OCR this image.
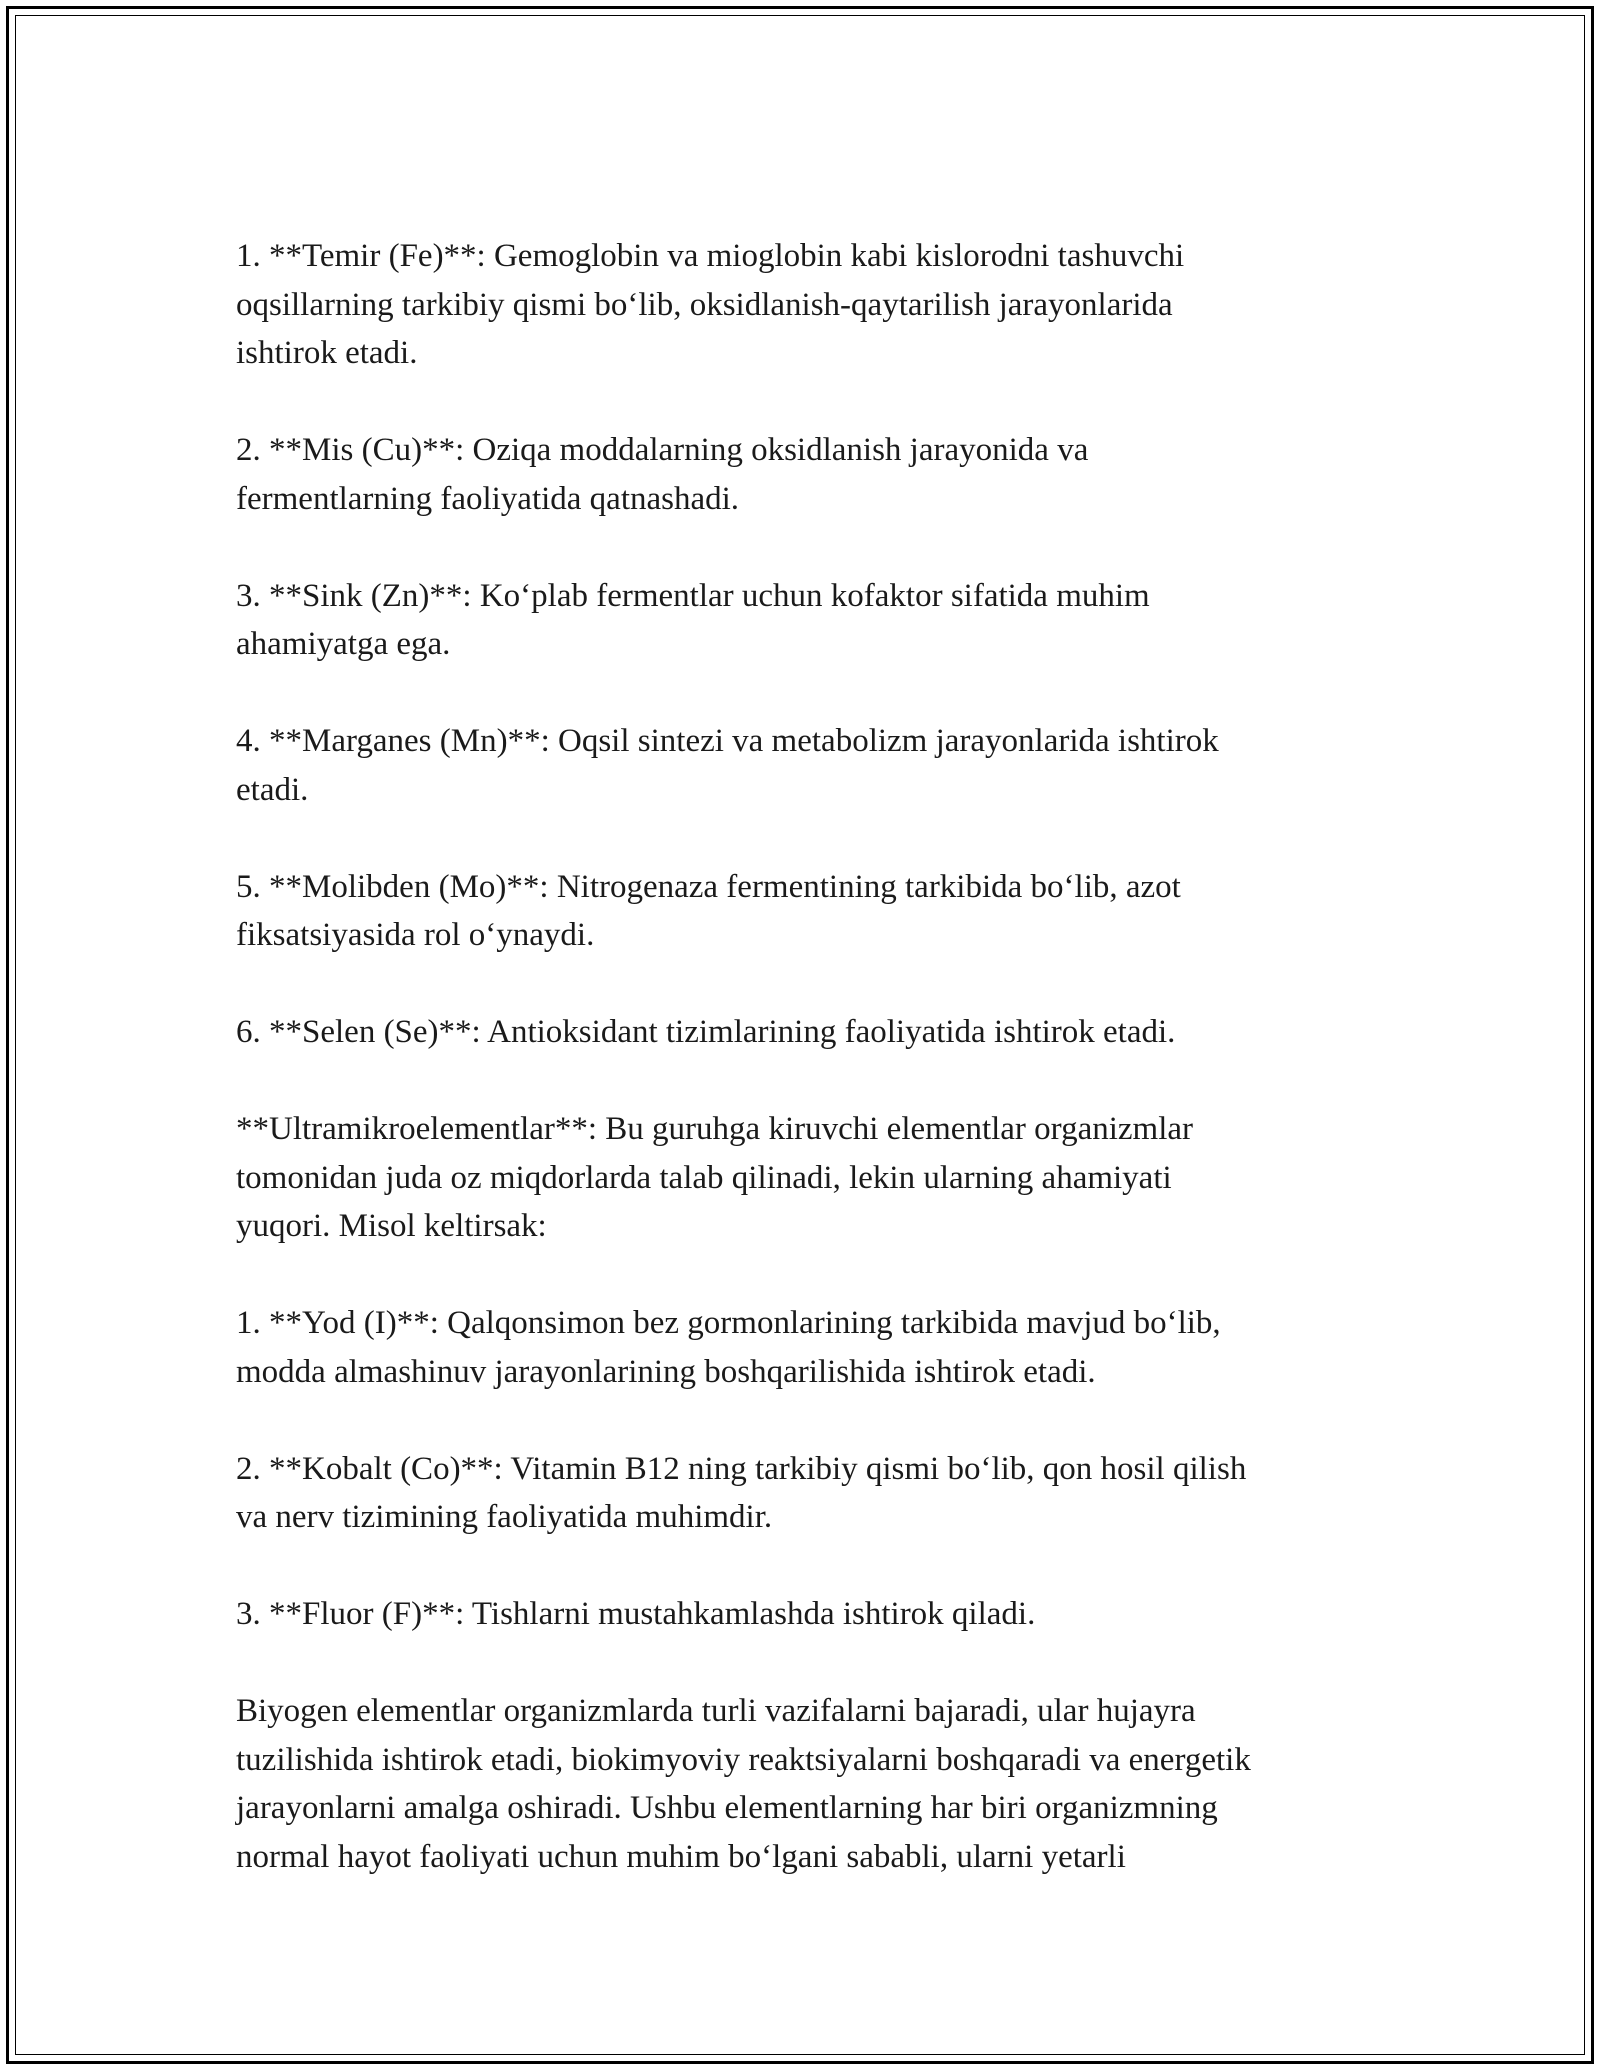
1. **Temir (Fe)**: Gemoglobin va mioglobin kabi kislorodni tashuvchi
oqsillarning tarkibiy qismi bo‘lib, oksidlanish-qaytarilish jarayonlarida
ishtirok etadi.

2. **Mis (Cu)**: Oziqa moddalarning oksidlanish jarayonida va
fermentlarning faoliyatida qatnashadi.

3. **Sink (Zn)**: Ko‘plab fermentlar uchun kofaktor sifatida muhim
ahamiyatga ega.

4. **Marganes (Mn)**: Oqsil sintezi va metabolizm jarayonlarida ishtirok
etadi.

5. **Molibden (Mo)**: Nitrogenaza fermentining tarkibida bo‘lib, azot
fiksatsiyasida rol o‘ynaydi.

6. **Selen (Se)**: Antioksidant tizimlarining faoliyatida ishtirok etadi.

**Ultramikroelementlar**: Bu guruhga kiruvchi elementlar organizmlar
tomonidan juda oz miqdorlarda talab qilinadi, lekin ularning ahamiyati
yuqori. Misol keltirsak:

1. **Yod (I)**: Qalqonsimon bez gormonlarining tarkibida mavjud bo‘lib,
modda almashinuv jarayonlarining boshqarilishida ishtirok etadi.

2. **Kobalt (Co)**: Vitamin B12 ning tarkibiy qismi bo‘lib, qon hosil qilish
va nerv tizimining faoliyatida muhimdir.

3. **Fluor (F)**: Tishlarni mustahkamlashda ishtirok qiladi.

Biyogen elementlar organizmlarda turli vazifalarni bajaradi, ular hujayra
tuzilishida ishtirok etadi, biokimyoviy reaktsiyalarni boshqaradi va energetik
jarayonlarni amalga oshiradi. Ushbu elementlarning har biri organizmning
normal hayot faoliyati uchun muhim bo‘lgani sababli, ularni yetarli
